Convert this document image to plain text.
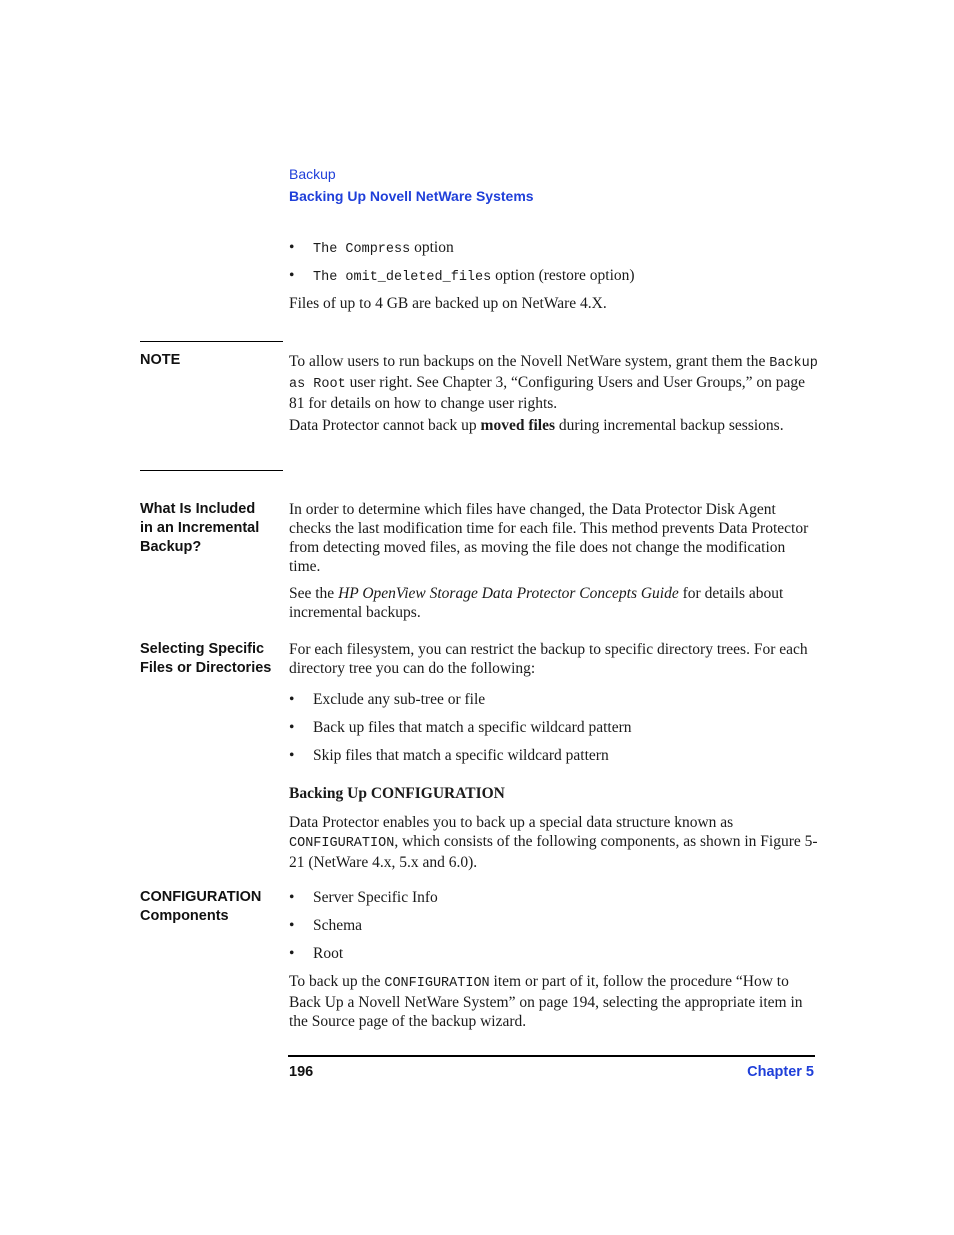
Backup
Backing Up Novell NetWare Systems
• The Compress option
• The omit_deleted_files option (restore option)
Files of up to 4 GB are backed up on NetWare 4.X.
NOTE	To allow users to run backups on the Novell NetWare system, grant them the Backup as Root user right. See Chapter 3, “Configuring Users and User Groups,” on page 81 for details on how to change user rights.
Data Protector cannot back up moved files during incremental backup sessions.
What Is Included
in an Incremental
Backup?
In order to determine which files have changed, the Data Protector Disk Agent checks the last modification time for each file. This method prevents Data Protector from detecting moved files, as moving the file does not change the modification time.
See the HP OpenView Storage Data Protector Concepts Guide for details about incremental backups.
Selecting Specific
Files or Directories
For each filesystem, you can restrict the backup to specific directory trees. For each directory tree you can do the following:
• Exclude any sub-tree or file
• Back up files that match a specific wildcard pattern
• Skip files that match a specific wildcard pattern
Backing Up CONFIGURATION
Data Protector enables you to back up a special data structure known as CONFIGURATION, which consists of the following components, as shown in Figure 5-21 (NetWare 4.x, 5.x and 6.0).
CONFIGURATION
Components
• Server Specific Info
• Schema
• Root
To back up the CONFIGURATION item or part of it, follow the procedure “How to Back Up a Novell NetWare System” on page 194, selecting the appropriate item in the Source page of the backup wizard.
196	Chapter 5
